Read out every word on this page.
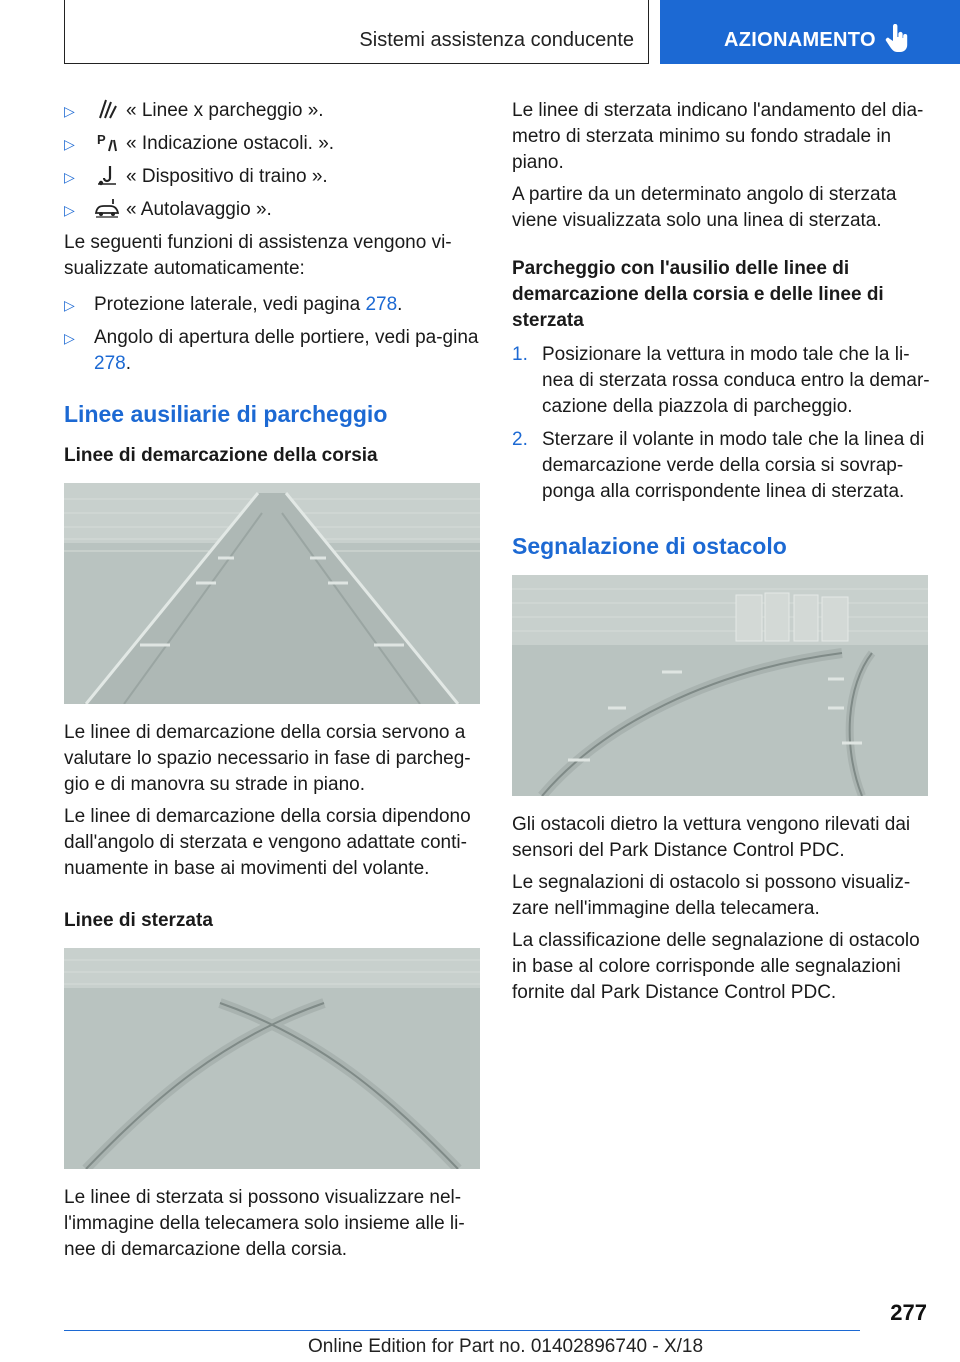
Sistemi assistenza conducente	AZIONAMENTO
▷	« Linee x parcheggio ».
▷ P « Indicazione ostacoli. ».
▷	« Dispositivo di traino ».
▷	« Autolavaggio ».

Le seguenti funzioni di assistenza vengono vi-sualizzate automaticamente:

▷ Protezione laterale, vedi pagina 278.
▷ Angolo di apertura delle portiere, vedi pa-gina 278.
Linee ausiliarie di parcheggio
Linee di demarcazione della corsia

Le linee di demarcazione della corsia servono a valutare lo spazio necessario in fase di parcheg-gio e di manovra su strade in piano.

Le linee di demarcazione della corsia dipendono dall'angolo di sterzata e vengono adattate conti-nuamente in base ai movimenti del volante.

Linee di sterzata

Le linee di sterzata si possono visualizzare nel-l'immagine della telecamera solo insieme alle li-nee di demarcazione della corsia.

Le linee di sterzata indicano l'andamento del dia-metro di sterzata minimo su fondo stradale in piano.

A partire da un determinato angolo di sterzata viene visualizzata solo una linea di sterzata.

Parcheggio con l'ausilio delle linee di demarcazione della corsia e delle linee di sterzata
1. Posizionare la vettura in modo tale che la li-nea di sterzata rossa conduca entro la demar-cazione della piazzola di parcheggio.
2. Sterzare il volante in modo tale che la linea di demarcazione verde della corsia si sovrap-ponga alla corrispondente linea di sterzata.
Segnalazione di ostacolo

Gli ostacoli dietro la vettura vengono rilevati dai sensori del Park Distance Control PDC.

Le segnalazioni di ostacolo si possono visualiz-zare nell'immagine della telecamera.

La classificazione delle segnalazione di ostacolo in base al colore corrisponde alle segnalazioni fornite dal Park Distance Control PDC.

277
Online Edition for Part no. 01402896740 - X/18
